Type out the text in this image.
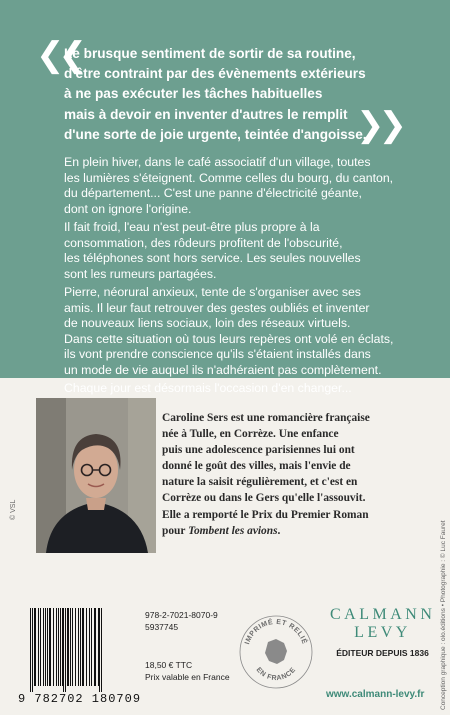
❮❮
Le brusque sentiment de sortir de sa routine,
d'être contraint par des évènements extérieurs
à ne pas exécuter les tâches habituelles
mais à devoir en inventer d'autres le remplit
d'une sorte de joie urgente, teintée d'angoisse.
❯❯

En plein hiver, dans le café associatif d'un village, toutes
les lumières s'éteignent. Comme celles du bourg, du canton,
du département... C'est une panne d'électricité géante,
dont on ignore l'origine.

Il fait froid, l'eau n'est peut-être plus propre à la
consommation, des rôdeurs profitent de l'obscurité,
les téléphones sont hors service. Les seules nouvelles
sont les rumeurs partagées.

Pierre, néorural anxieux, tente de s'organiser avec ses
amis. Il leur faut retrouver des gestes oubliés et inventer
de nouveaux liens sociaux, loin des réseaux virtuels.
Dans cette situation où tous leurs repères ont volé en éclats,
ils vont prendre conscience qu'ils s'étaient installés dans
un mode de vie auquel ils n'adhéraient pas complètement.

Chaque jour est désormais l'occasion d'en changer...

© VSL
Caroline Sers est une romancière française
née à Tulle, en Corrèze. Une enfance
puis une adolescence parisiennes lui ont
donné le goût des villes, mais l'envie de
nature la saisit régulièrement, et c'est en
Corrèze ou dans le Gers qu'elle l'assouvit.
Elle a remporté le Prix du Premier Roman
pour Tombent les avions.	Conception graphique : olo.éditions • Photographie : © Luc Fauret
9 782702 180709
978-2-7021-8070-9
5937745
18,50 € TTC
Prix valable en France
IMPRIMÉ ET RELIÉ
EN FRANCE
CALMANN
LEVY
ÉDITEUR DEPUIS 1836
www.calmann-levy.fr
